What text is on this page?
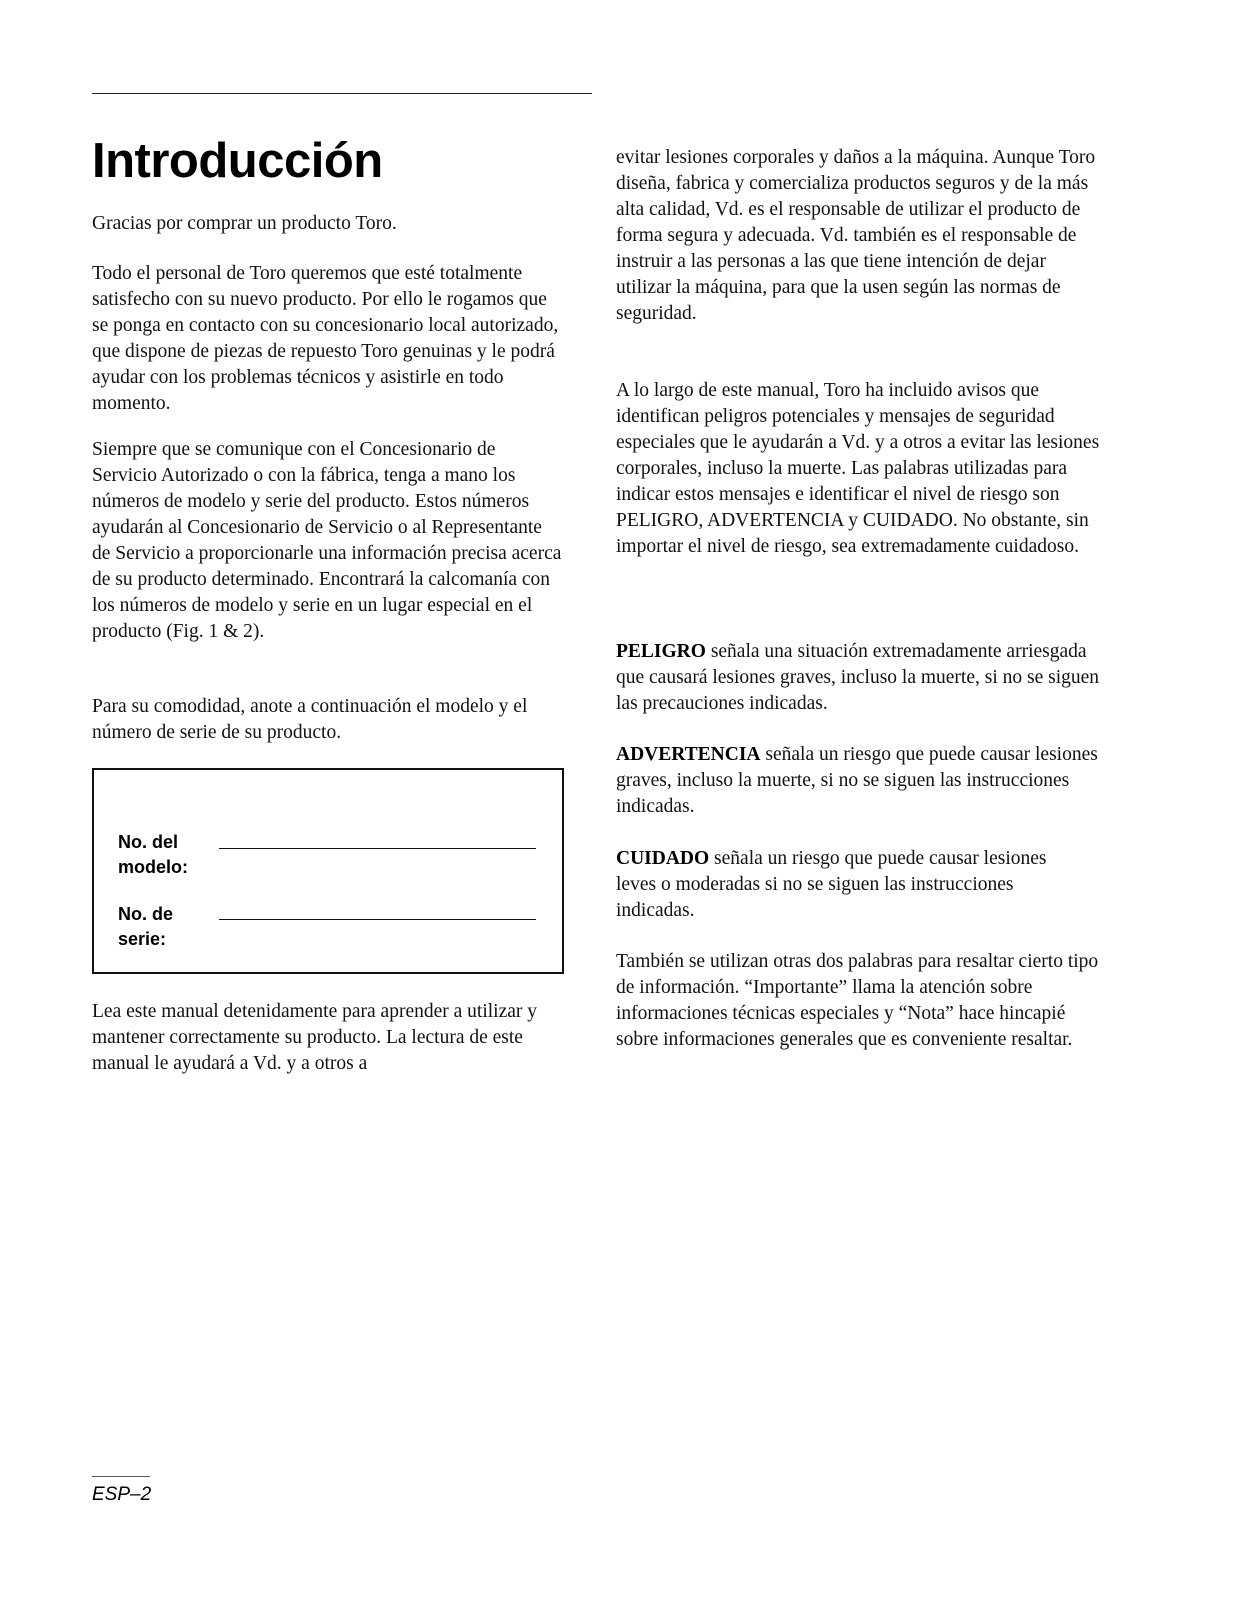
Introducción

Gracias por comprar un producto Toro.

Todo el personal de Toro queremos que esté totalmente satisfecho con su nuevo producto. Por ello le rogamos que se ponga en contacto con su concesionario local autorizado, que dispone de piezas de repuesto Toro genuinas y le podrá ayudar con los problemas técnicos y asistirle en todo momento.

Siempre que se comunique con el Concesionario de Servicio Autorizado o con la fábrica, tenga a mano los números de modelo y serie del producto. Estos números ayudarán al Concesionario de Servicio o al Representante de Servicio a proporcionarle una información precisa acerca de su producto determinado. Encontrará la calcomanía con los números de modelo y serie en un lugar especial en el producto (Fig. 1 & 2).

Para su comodidad, anote a continuación el modelo y el número de serie de su producto.

No. del
modelo:
No. de
serie:

Lea este manual detenidamente para aprender a utilizar y mantener correctamente su producto. La lectura de este manual le ayudará a Vd. y a otros a

evitar lesiones corporales y daños a la máquina. Aunque Toro diseña, fabrica y comercializa productos seguros y de la más alta calidad, Vd. es el responsable de utilizar el producto de forma segura y adecuada. Vd. también es el responsable de instruir a las personas a las que tiene intención de dejar utilizar la máquina, para que la usen según las normas de seguridad.

A lo largo de este manual, Toro ha incluido avisos que identifican peligros potenciales y mensajes de seguridad especiales que le ayudarán a Vd. y a otros a evitar las lesiones corporales, incluso la muerte. Las palabras utilizadas para indicar estos mensajes e identificar el nivel de riesgo son PELIGRO, ADVERTENCIA y CUIDADO. No obstante, sin importar el nivel de riesgo, sea extremadamente cuidadoso.

PELIGRO señala una situación extremadamente arriesgada que causará lesiones graves, incluso la muerte, si no se siguen las precauciones indicadas.

ADVERTENCIA señala un riesgo que puede causar lesiones graves, incluso la muerte, si no se siguen las instrucciones indicadas.

CUIDADO señala un riesgo que puede causar lesiones leves o moderadas si no se siguen las instrucciones indicadas.

También se utilizan otras dos palabras para resaltar cierto tipo de información. “Importante” llama la atención sobre informaciones técnicas especiales y “Nota” hace hincapié sobre informaciones generales que es conveniente resaltar.

ESP–2
